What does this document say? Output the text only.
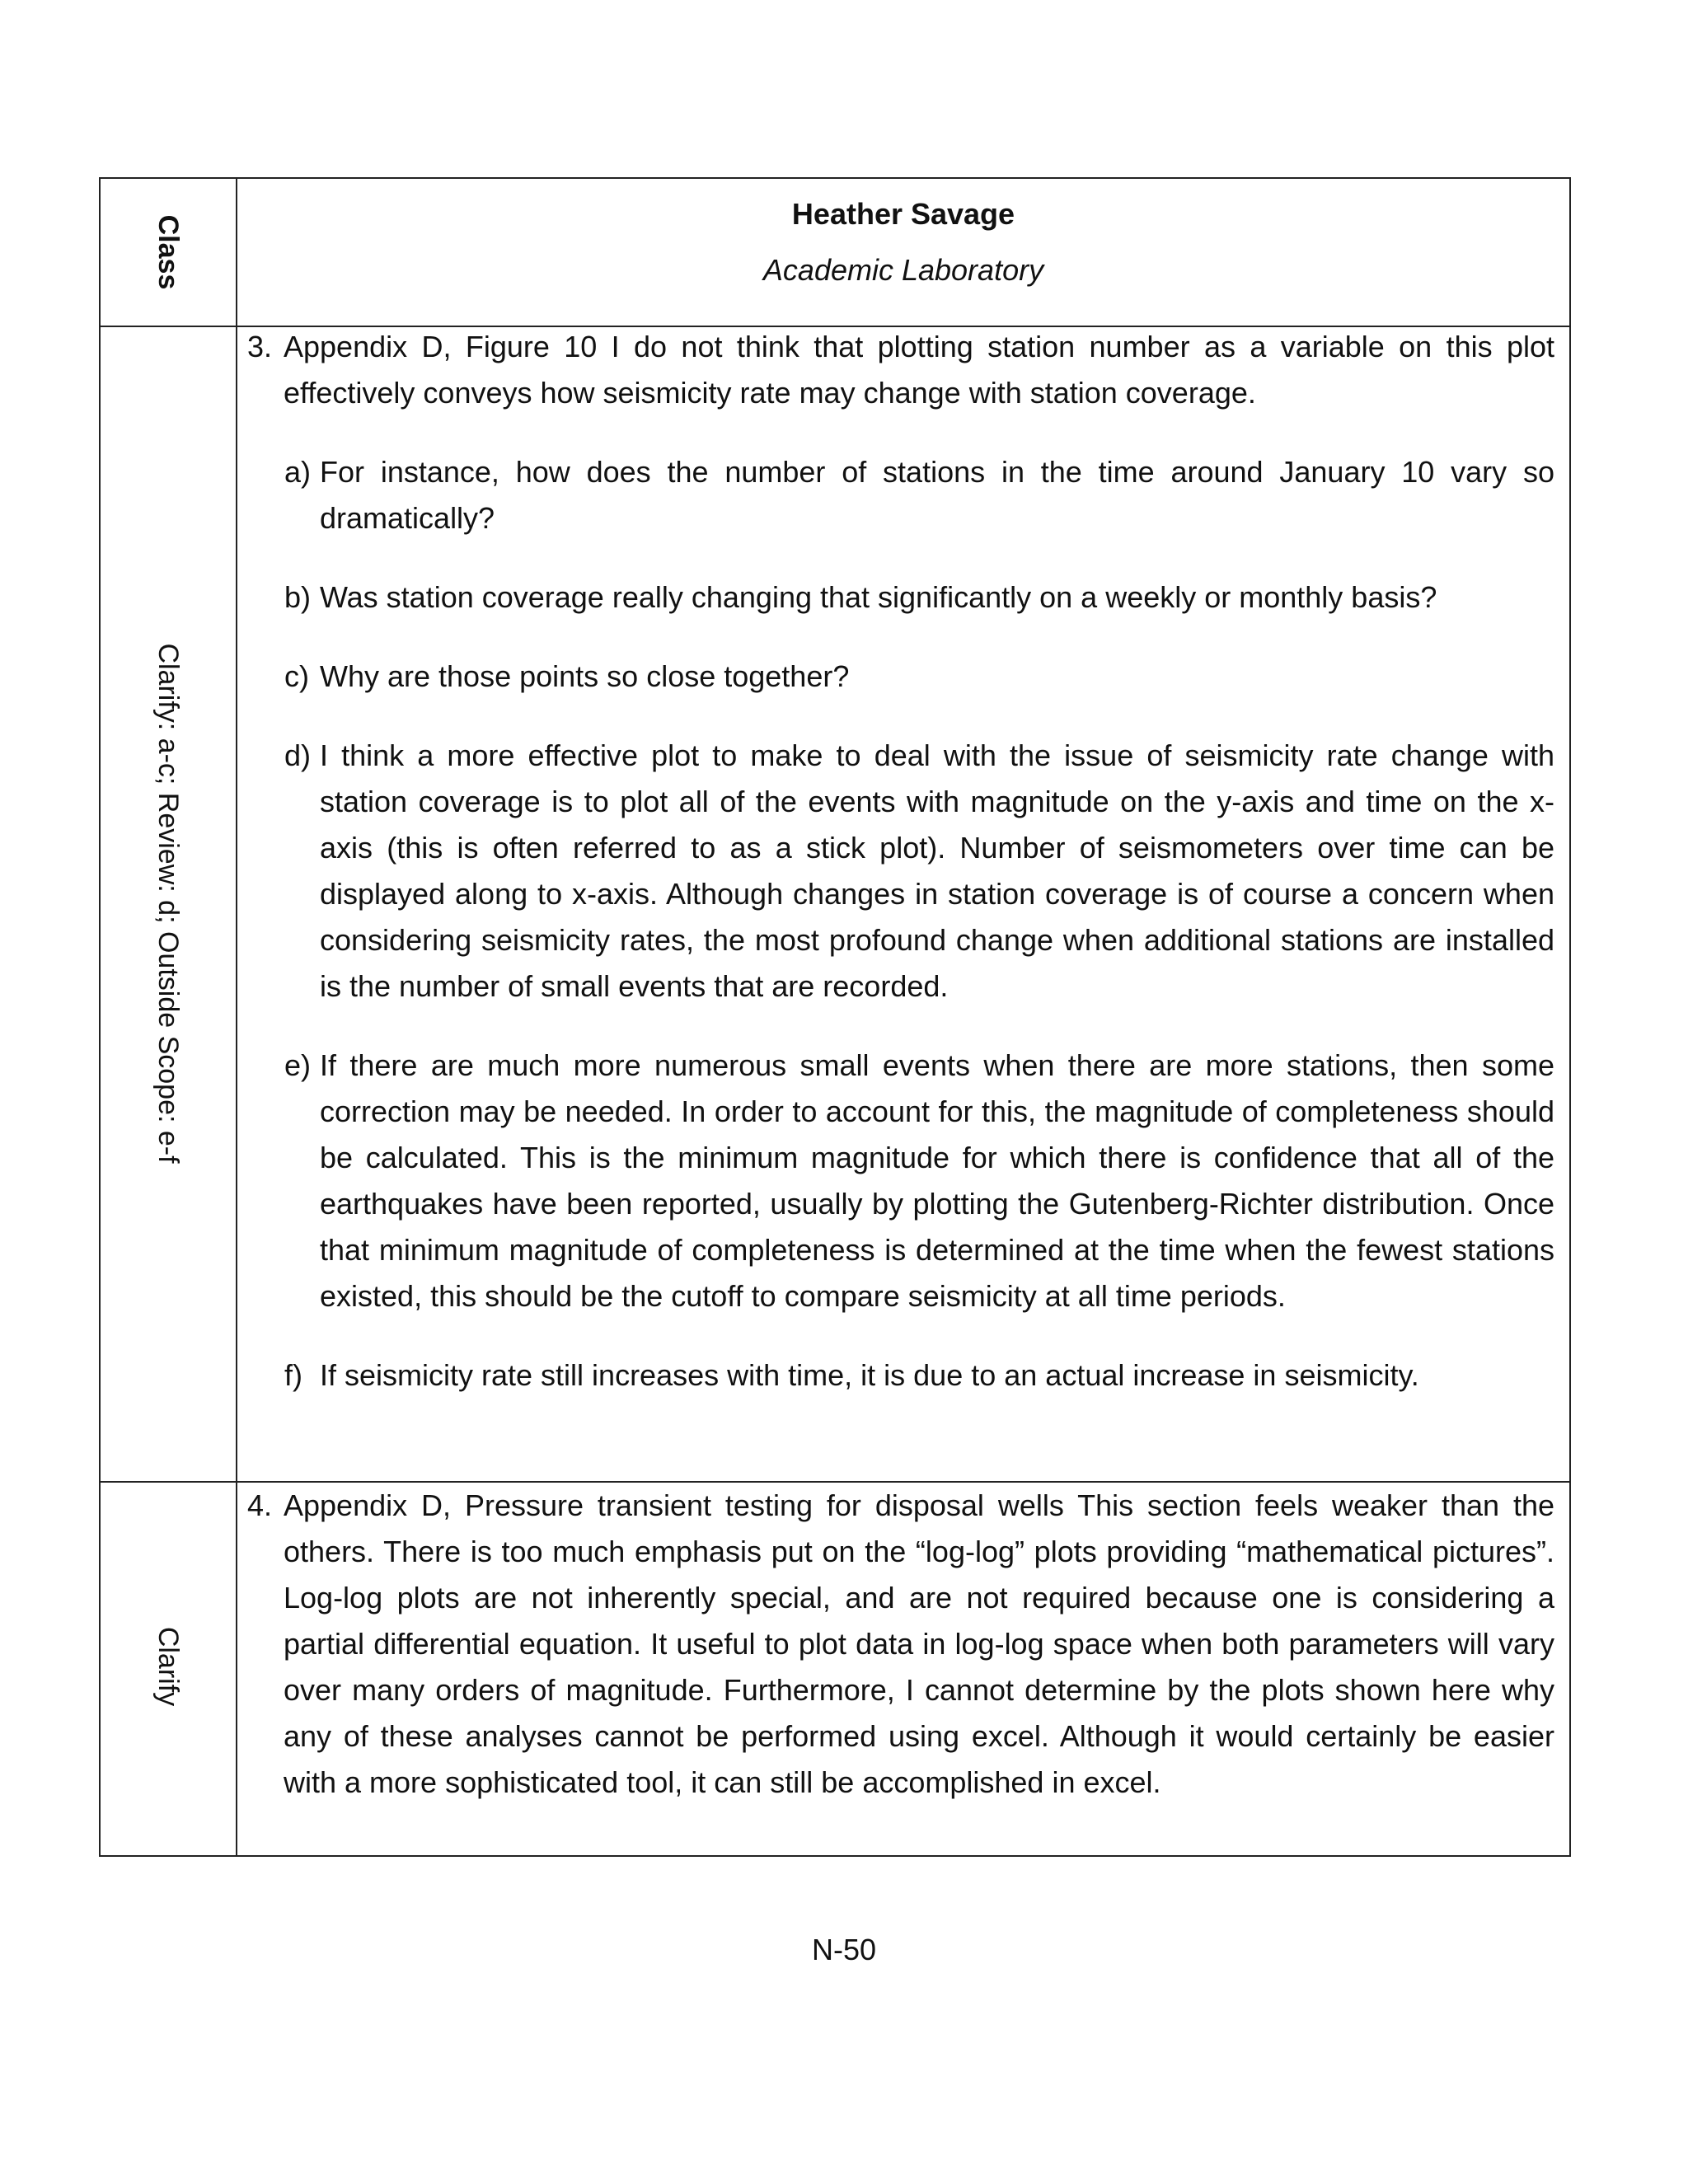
Class
Heather Savage
Academic Laboratory
Clarify: a-c; Review: d; Outside Scope: e-f
3. Appendix D, Figure 10 I do not think that plotting station number as a variable on this plot effectively conveys how seismicity rate may change with station coverage.
a) For instance, how does the number of stations in the time around January 10 vary so dramatically?
b) Was station coverage really changing that significantly on a weekly or monthly basis?
c) Why are those points so close together?
d) I think a more effective plot to make to deal with the issue of seismicity rate change with station coverage is to plot all of the events with magnitude on the y-axis and time on the x-axis (this is often referred to as a stick plot). Number of seismometers over time can be displayed along to x-axis. Although changes in station coverage is of course a concern when considering seismicity rates, the most profound change when additional stations are installed is the number of small events that are recorded.
e) If there are much more numerous small events when there are more stations, then some correction may be needed. In order to account for this, the magnitude of completeness should be calculated. This is the minimum magnitude for which there is confidence that all of the earthquakes have been reported, usually by plotting the Gutenberg-Richter distribution. Once that minimum magnitude of completeness is determined at the time when the fewest stations existed, this should be the cutoff to compare seismicity at all time periods.
f) If seismicity rate still increases with time, it is due to an actual increase in seismicity.
Clarify
4. Appendix D, Pressure transient testing for disposal wells This section feels weaker than the others. There is too much emphasis put on the “log-log” plots providing “mathematical pictures”. Log-log plots are not inherently special, and are not required because one is considering a partial differential equation. It useful to plot data in log-log space when both parameters will vary over many orders of magnitude. Furthermore, I cannot determine by the plots shown here why any of these analyses cannot be performed using excel. Although it would certainly be easier with a more sophisticated tool, it can still be accomplished in excel.
N-50
